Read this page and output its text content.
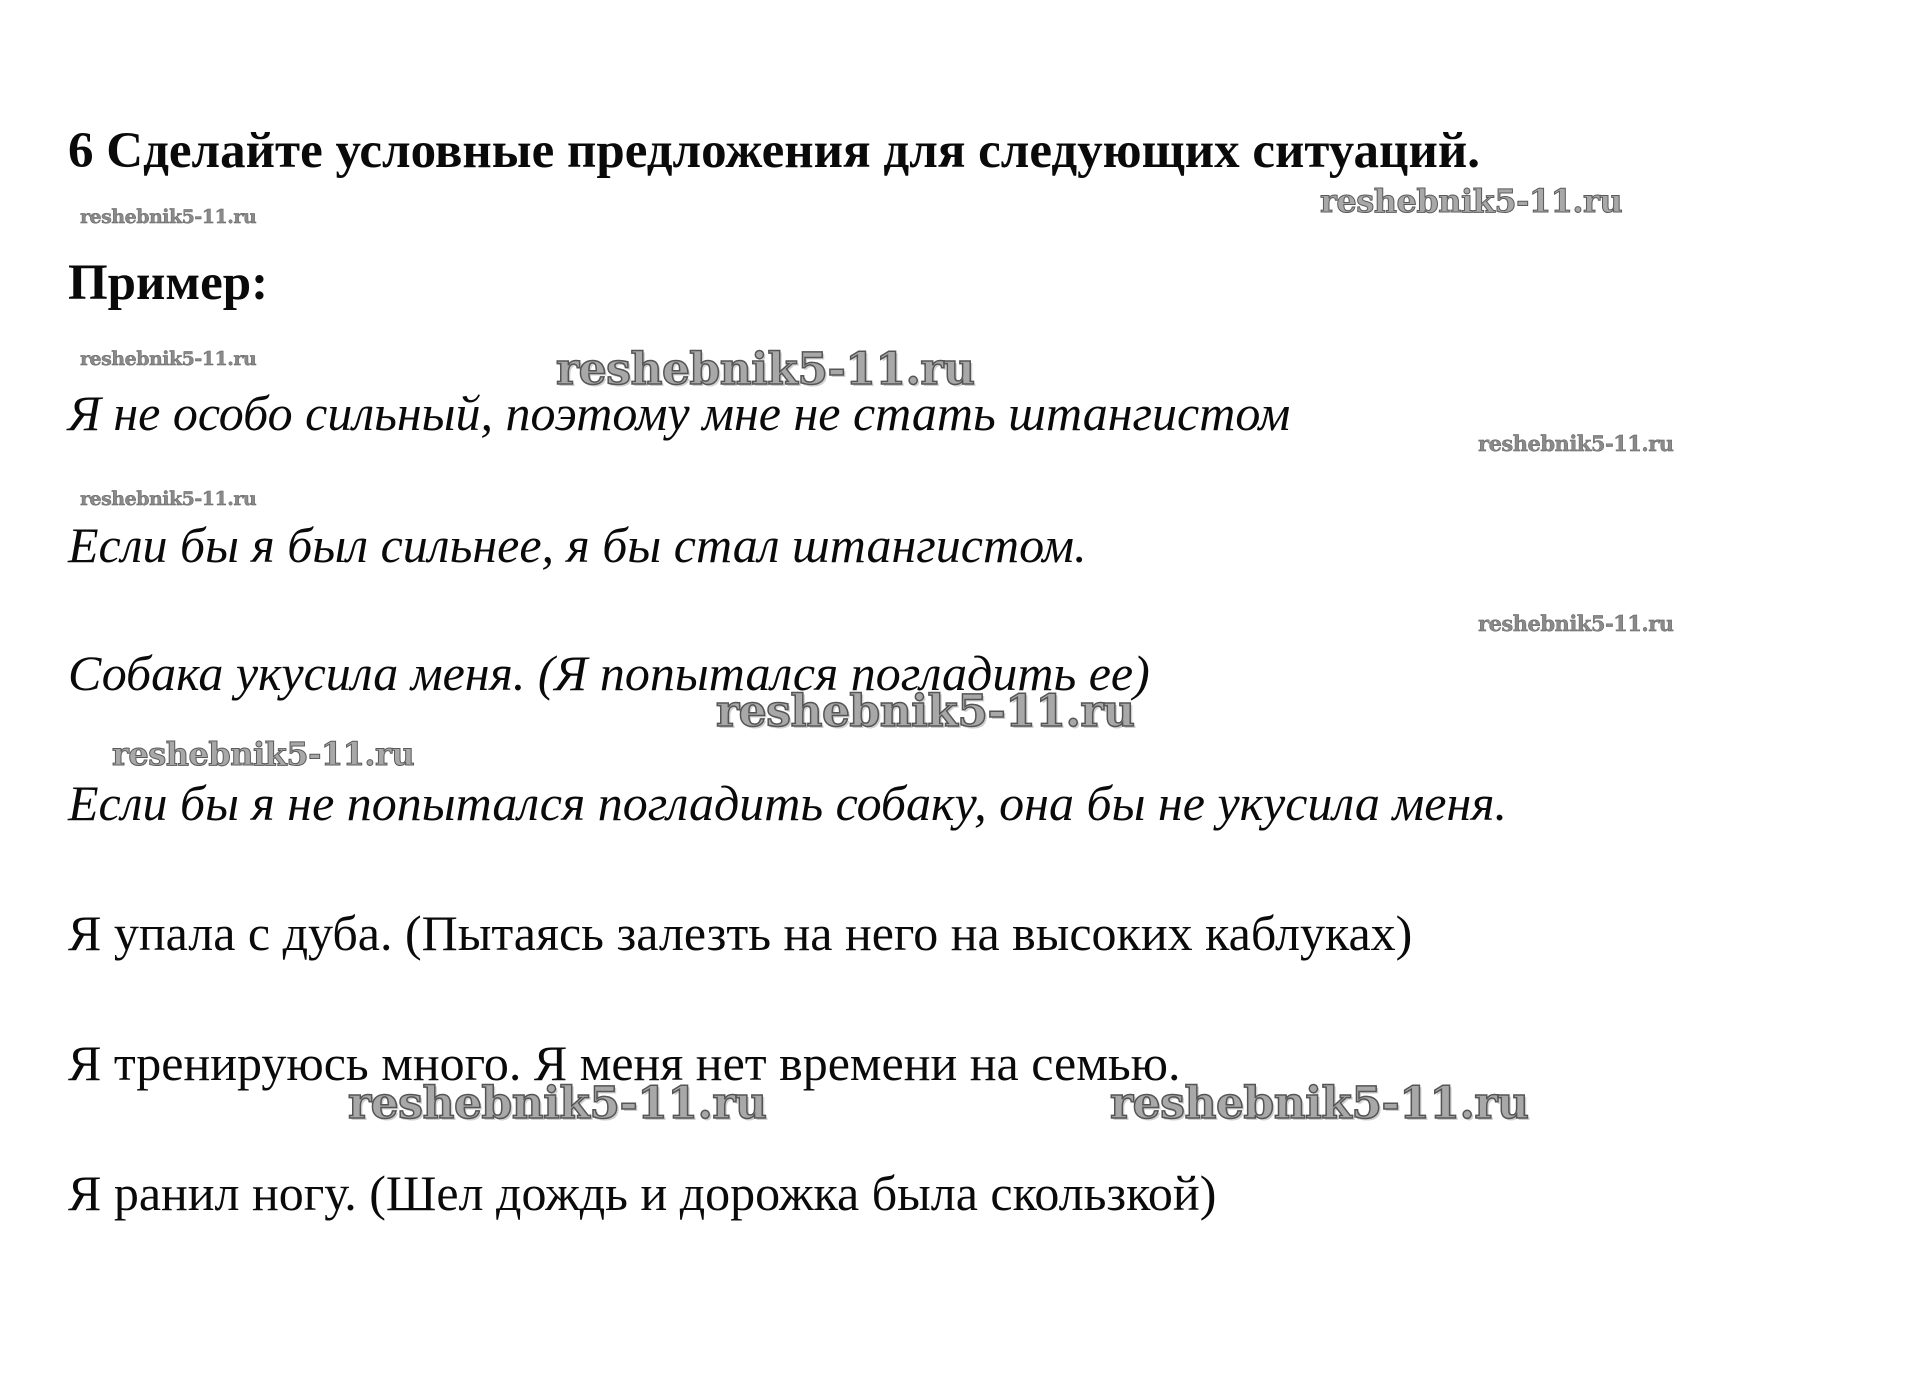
6 Сделайте условные предложения для следующих ситуаций.
Пример:
Я не особо сильный, поэтому мне не стать штангистом
Если бы я был сильнее, я бы стал штангистом.
Собака укусила меня. (Я попытался погладить ее)
Если бы я не попытался погладить собаку, она бы не укусила меня.
Я упала с дуба. (Пытаясь залезть на него на высоких каблуках)
Я тренируюсь много. Я меня нет времени на семью.
Я ранил ногу. (Шел дождь и дорожка была скользкой)
reshebnik5-11.ru	reshebnik5-11.ru
reshebnik5-11.ru	reshebnik5-11.ru
reshebnik5-11.ru
reshebnik5-11.ru
reshebnik5-11.ru
reshebnik5-11.ru
reshebnik5-11.ru
reshebnik5-11.ru	reshebnik5-11.ru
